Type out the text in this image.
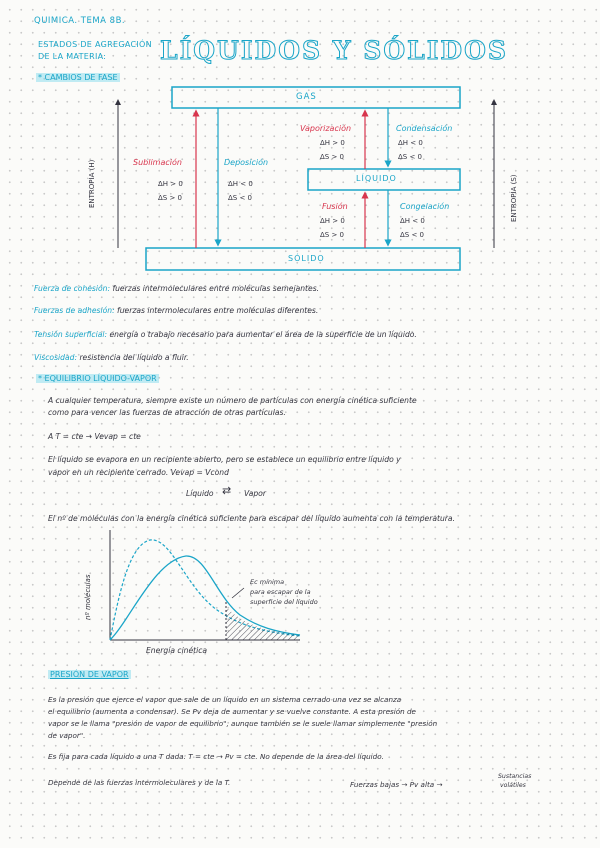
QUIMICA. TEMA 8B.
ESTADOS DE AGREGACIÓN
DE LA MATERIA: LÍQUIDOS Y SÓLIDOS
* CAMBIOS DE FASE
GAS
LÍQUIDO
SÓLIDO
ENTROPÍA (H)	ENTROPÍA (S)
Sublimación
ΔH > 0
ΔS > 0
Deposición
ΔH < 0
ΔS < 0
Vaporización
ΔH > 0
ΔS > 0
Condensación
ΔH < 0
ΔS < 0
Fusión
ΔH > 0
ΔS > 0
Congelación
ΔH < 0
ΔS < 0
Fuerza de cohesión: fuerzas intermoleculares entre moléculas semejantes.
Fuerzas de adhesión: fuerzas intermoleculares entre moléculas diferentes.
Tensión superficial: energía o trabajo necesario para aumentar el área de la superficie de un líquido.
Viscosidad: resistencia del líquido a fluir.
* EQUILIBRIO LÍQUIDO-VAPOR
A cualquier temperatura, siempre existe un número de partículas con energía cinética suficiente
como para vencer las fuerzas de atracción de otras partículas.
A T = cte → Vevap = cte
El líquido se evapora en un recipiente abierto, pero se establece un equilibrio entre líquido y
vapor en un recipiente cerrado. Vevap = Vcond
Líquido ⇄ Vapor
El nº de moléculas con la energía cinética suficiente para escapar del líquido aumenta con la temperatura.
nº moléculas
Energía cinética
Ec mínima
para escapar de la
superficie del líquido
PRESIÓN DE VAPOR
Es la presión que ejerce el vapor que sale de un líquido en un sistema cerrado una vez se alcanza
el equilibrio (aumenta a condensar). Se Pv deja de aumentar y se vuelve constante. A esta presión de
vapor se le llama "presión de vapor de equilibrio", aunque también se le suele llamar simplemente "presión
de vapor".
Es fija para cada líquido a una T dada: T = cte → Pv = cte. No depende de la área del líquido.
Depende de las fuerzas intermoleculares y de la T.	Fuerzas bajas → Pv alta →
Sustancias
volátiles
